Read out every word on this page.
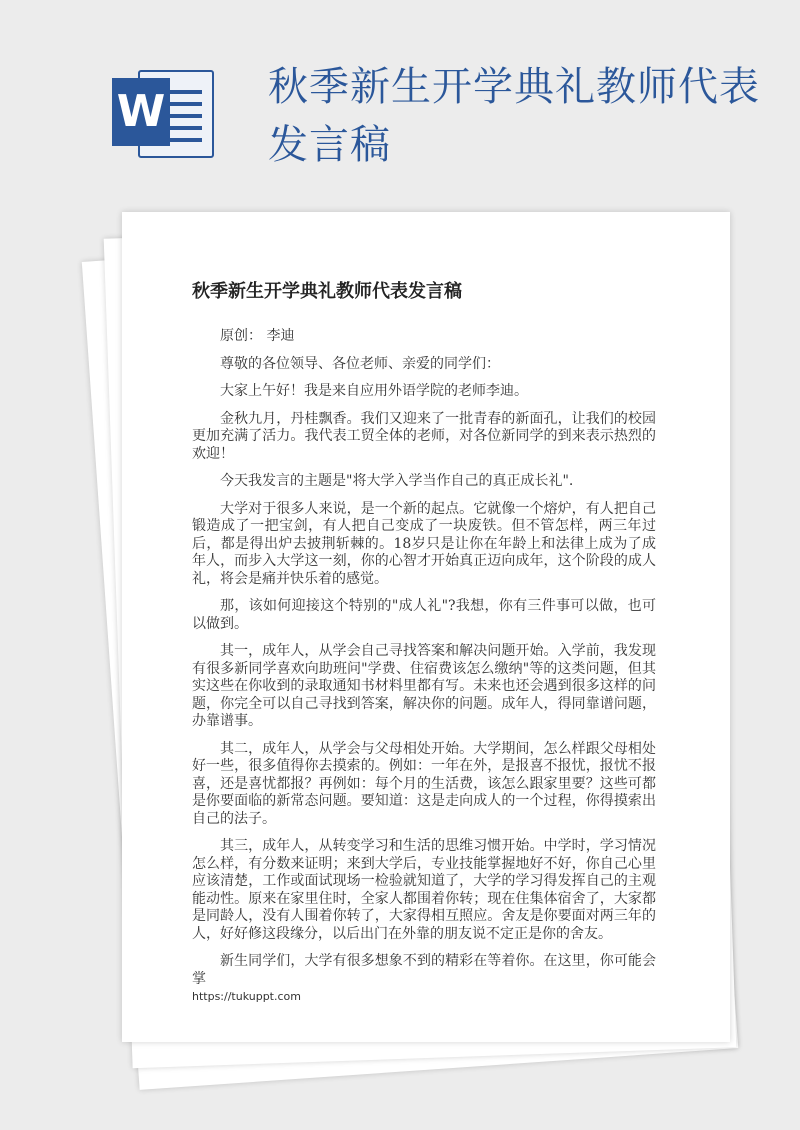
W	秋季新生开学典礼教师代表发言稿
秋季新生开学典礼教师代表发言稿

原创： 李迪

尊敬的各位领导、各位老师、亲爱的同学们：

大家上午好！我是来自应用外语学院的老师李迪。

金秋九月，丹桂飘香。我们又迎来了一批青春的新面孔，让我们的校园更加充满了活力。我代表工贸全体的老师，对各位新同学的到来表示热烈的欢迎！

今天我发言的主题是"将大学入学当作自己的真正成长礼".

大学对于很多人来说，是一个新的起点。它就像一个熔炉，有人把自己锻造成了一把宝剑，有人把自己变成了一块废铁。但不管怎样，两三年过后，都是得出炉去披荆斩棘的。18岁只是让你在年龄上和法律上成为了成年人，而步入大学这一刻，你的心智才开始真正迈向成年，这个阶段的成人礼，将会是痛并快乐着的感觉。

那，该如何迎接这个特别的"成人礼"?我想，你有三件事可以做，也可以做到。

其一，成年人，从学会自己寻找答案和解决问题开始。入学前，我发现有很多新同学喜欢向助班问"学费、住宿费该怎么缴纳"等的这类问题，但其实这些在你收到的录取通知书材料里都有写。未来也还会遇到很多这样的问题，你完全可以自己寻找到答案，解决你的问题。成年人，得同靠谱问题，办靠谱事。

其二，成年人，从学会与父母相处开始。大学期间，怎么样跟父母相处好一些，很多值得你去摸索的。例如：一年在外，是报喜不报忧，报忧不报喜，还是喜忧都报？再例如：每个月的生活费，该怎么跟家里要？这些可都是你要面临的新常态问题。要知道：这是走向成人的一个过程，你得摸索出自己的法子。

其三，成年人，从转变学习和生活的思维习惯开始。中学时，学习情况怎么样，有分数来证明；来到大学后，专业技能掌握地好不好，你自己心里应该清楚，工作或面试现场一检验就知道了，大学的学习得发挥自己的主观能动性。原来在家里住时，全家人都围着你转；现在住集体宿舍了，大家都是同龄人，没有人围着你转了，大家得相互照应。舍友是你要面对两三年的人，好好修这段缘分，以后出门在外靠的朋友说不定正是你的舍友。

新生同学们，大学有很多想象不到的精彩在等着你。在这里，你可能会掌

https://tukuppt.com
